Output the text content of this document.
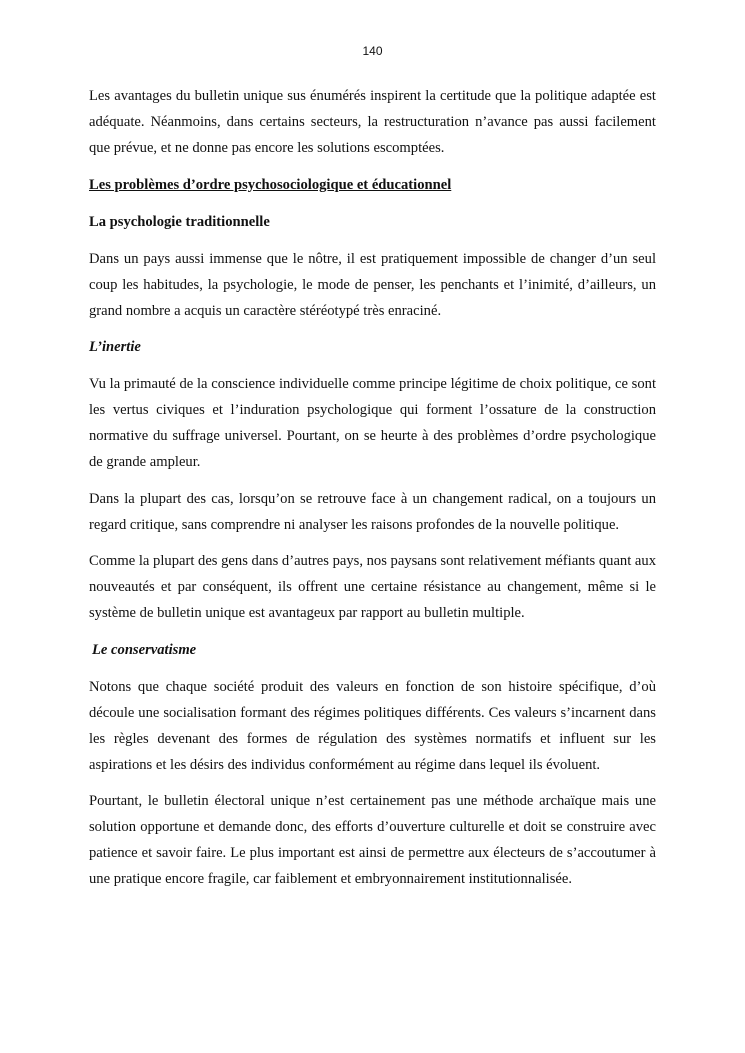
140

Les avantages du bulletin unique sus énumérés inspirent la certitude que la politique adaptée est adéquate. Néanmoins, dans certains secteurs, la restructuration n’avance pas aussi facilement que prévue, et ne donne pas encore les solutions escomptées.

Les problèmes d’ordre psychosociologique et éducationnel
La psychologie traditionnelle

Dans un pays aussi immense que le nôtre, il est pratiquement impossible de changer d’un seul coup les habitudes, la psychologie, le mode de penser, les penchants et l’inimité, d’ailleurs, un grand nombre a acquis un caractère stéréotypé très enraciné.

L’inertie

Vu la primauté de la conscience individuelle comme principe légitime de choix politique, ce sont les vertus civiques et l’induration psychologique qui forment l’ossature de la construction normative du suffrage universel. Pourtant, on se heurte à des problèmes d’ordre psychologique de grande ampleur.

Dans la plupart des cas, lorsqu’on se retrouve face à un changement radical, on a toujours un regard critique, sans comprendre ni analyser les raisons profondes de la nouvelle politique.

Comme la plupart des gens dans d’autres pays, nos paysans sont relativement méfiants quant aux nouveautés et par conséquent, ils offrent une certaine résistance au changement, même si le système de bulletin unique est avantageux par rapport au bulletin multiple.

Le conservatisme

Notons que chaque société produit des valeurs en fonction de son histoire spécifique, d’où découle une socialisation formant des régimes politiques différents. Ces valeurs s’incarnent dans les règles devenant des formes de régulation des systèmes normatifs et influent sur les aspirations et les désirs des individus conformément au régime dans lequel ils évoluent.

Pourtant, le bulletin électoral unique n’est certainement pas une méthode archaïque mais une solution opportune et demande donc, des efforts d’ouverture culturelle et doit se construire avec patience et savoir faire. Le plus important est ainsi de permettre aux électeurs de s’accoutumer à une pratique encore fragile, car faiblement et embryonnairement institutionnalisée.
